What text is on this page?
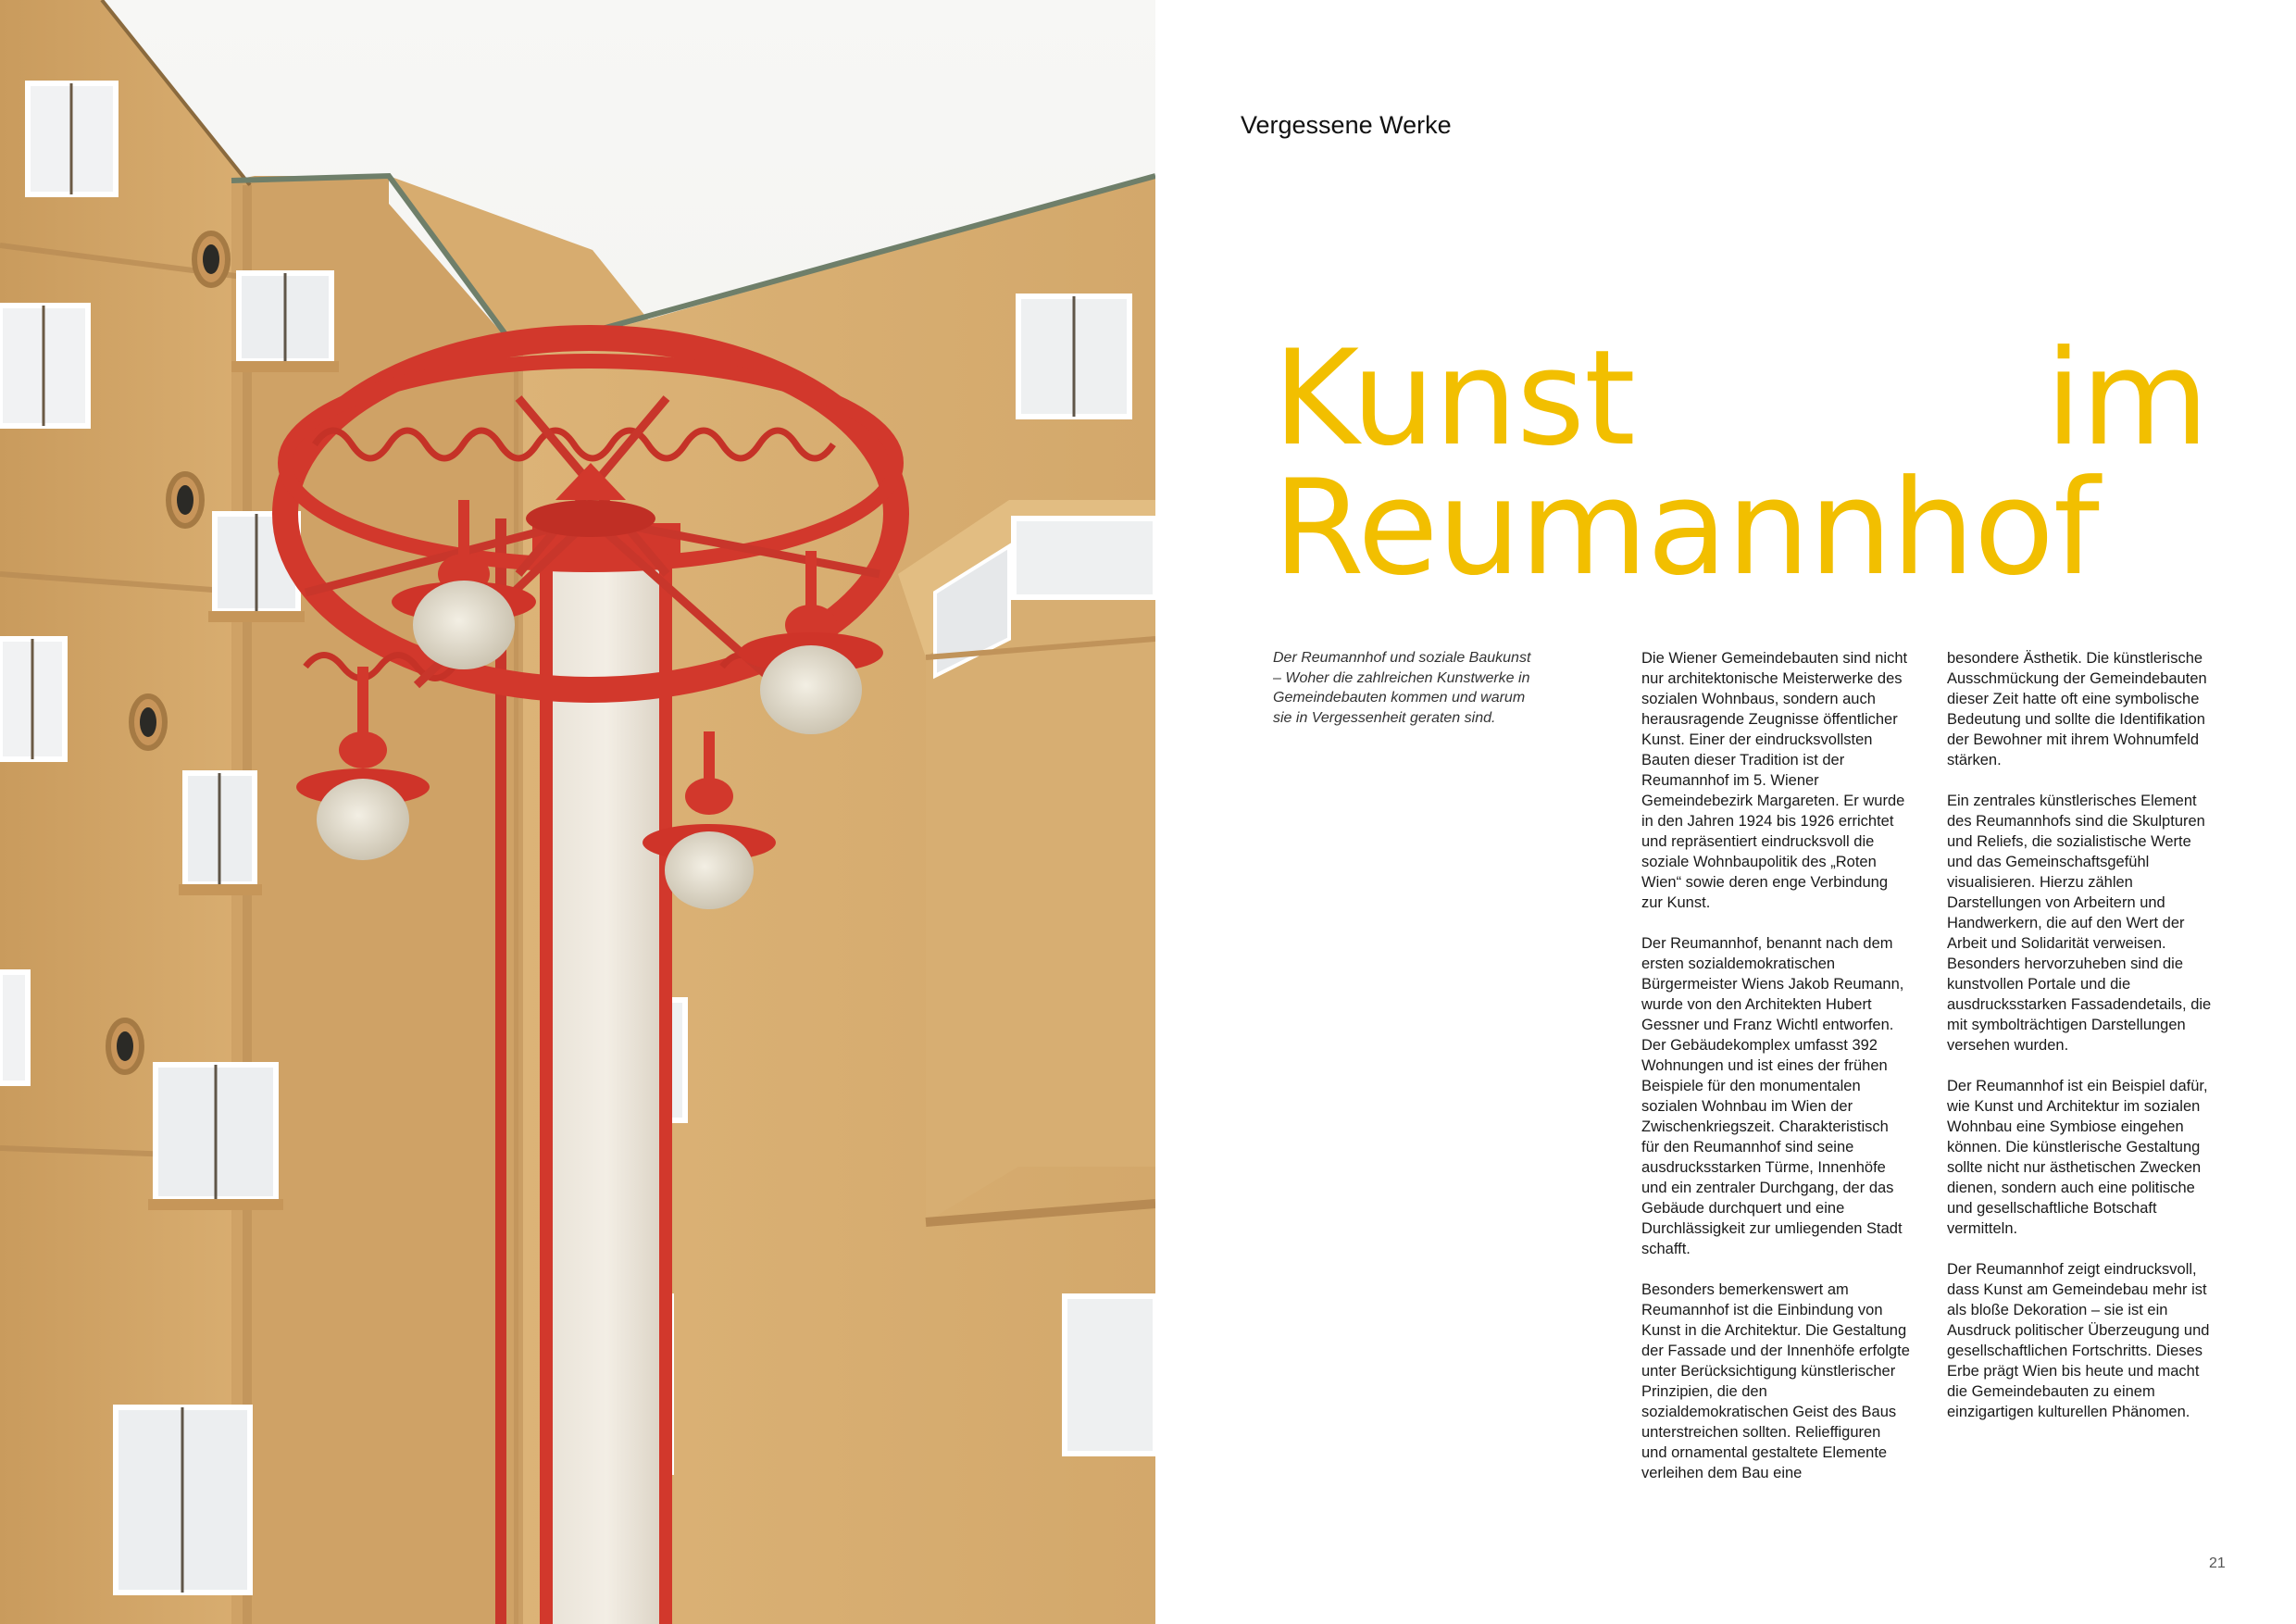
Vergessene Werke
Kunst	im
Reumannhof
Der Reumannhof und soziale Baukunst – Woher die zahlreichen Kunstwerke in Gemeindebauten kommen und warum sie in Vergessenheit geraten sind.

Die Wiener Gemeindebauten sind nicht nur architektonische Meisterwerke des sozialen Wohnbaus, sondern auch herausragende Zeugnisse öffentlicher Kunst. Einer der eindrucksvollsten Bauten dieser Tradition ist der Reumannhof im 5. Wiener Gemeindebezirk Margareten. Er wurde in den Jahren 1924 bis 1926 errichtet und repräsentiert eindrucksvoll die soziale Wohnbaupolitik des „Roten Wien“ sowie deren enge Verbindung zur Kunst.

Der Reumannhof, benannt nach dem ersten sozialdemokratischen Bürgermeister Wiens Jakob Reumann, wurde von den Architekten Hubert Gessner und Franz Wichtl entworfen. Der Gebäudekomplex umfasst 392 Wohnungen und ist eines der frühen Beispiele für den monumentalen sozialen Wohnbau im Wien der Zwischenkriegszeit. Charakteristisch für den Reumannhof sind seine ausdrucksstarken Türme, Innenhöfe und ein zentraler Durchgang, der das Gebäude durchquert und eine Durchlässigkeit zur umliegenden Stadt schafft.

Besonders bemerkenswert am Reumannhof ist die Einbindung von Kunst in die Architektur. Die Gestaltung der Fassade und der Innenhöfe erfolgte unter Berücksichtigung künstlerischer Prinzipien, die den sozialdemokratischen Geist des Baus unterstreichen sollten. Relieffiguren und ornamental gestaltete Elemente verleihen dem Bau eine

besondere Ästhetik. Die künstlerische Ausschmückung der Gemeindebauten dieser Zeit hatte oft eine symbolische Bedeutung und sollte die Identifikation der Bewohner mit ihrem Wohnumfeld stärken.

Ein zentrales künstlerisches Element des Reumannhofs sind die Skulpturen und Reliefs, die sozialistische Werte und das Gemeinschaftsgefühl visualisieren. Hierzu zählen Darstellungen von Arbeitern und Handwerkern, die auf den Wert der Arbeit und Solidarität verweisen. Besonders hervorzuheben sind die kunstvollen Portale und die ausdrucksstarken Fassadendetails, die mit symbolträchtigen Darstellungen versehen wurden.

Der Reumannhof ist ein Beispiel dafür, wie Kunst und Architektur im sozialen Wohnbau eine Symbiose eingehen können. Die künstlerische Gestaltung sollte nicht nur ästhetischen Zwecken dienen, sondern auch eine politische und gesellschaftliche Botschaft vermitteln.

Der Reumannhof zeigt eindrucksvoll, dass Kunst am Gemeindebau mehr ist als bloße Dekoration – sie ist ein Ausdruck politischer Überzeugung und gesellschaftlichen Fortschritts. Dieses Erbe prägt Wien bis heute und macht die Gemeindebauten zu einem einzigartigen kulturellen Phänomen.

21
